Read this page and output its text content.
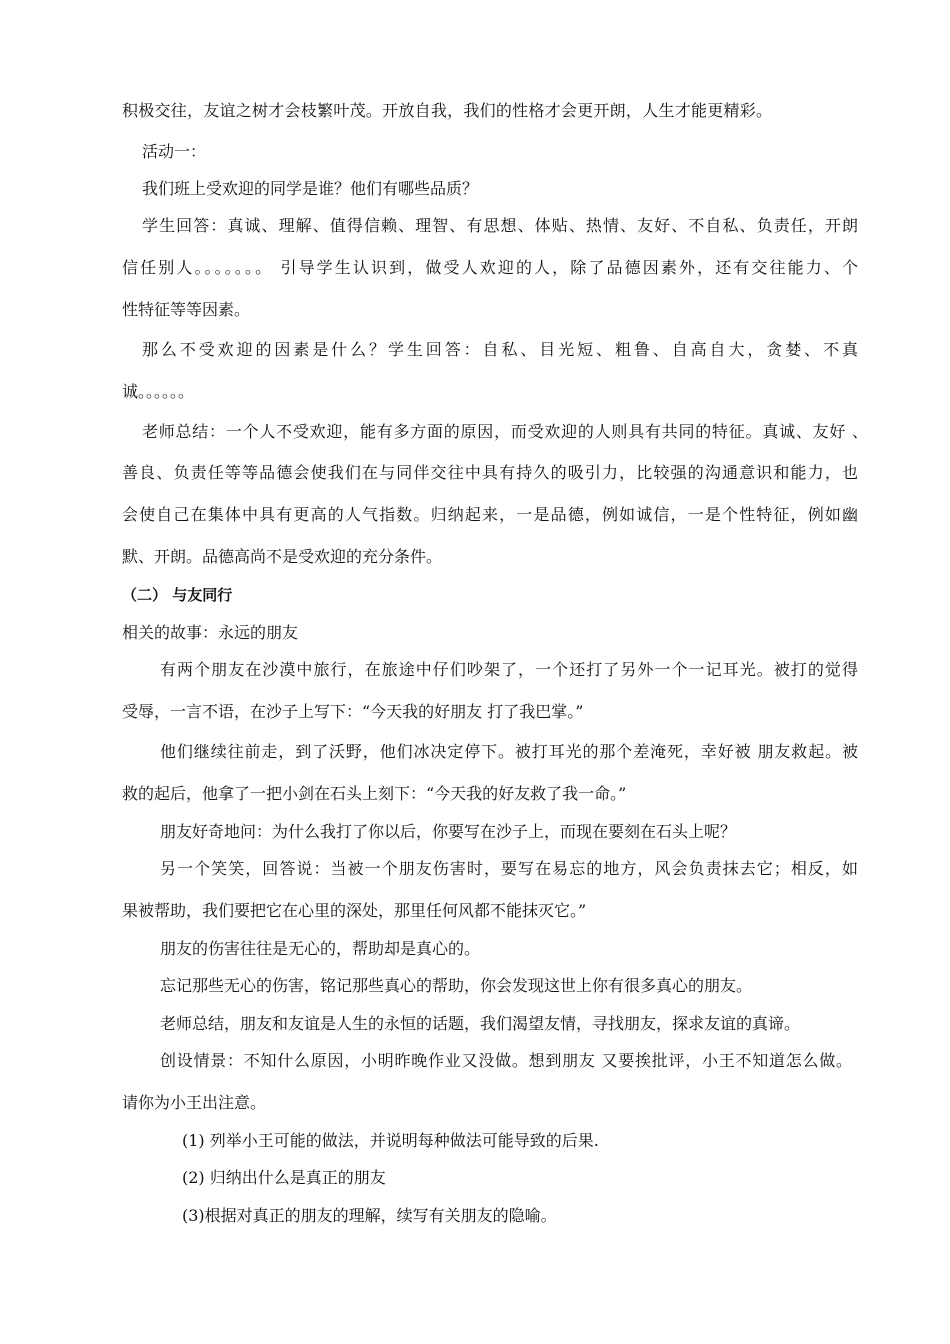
积极交往，友谊之树才会枝繁叶茂。开放自我，我们的性格才会更开朗，人生才能更精彩。
活动一：
我们班上受欢迎的同学是谁？他们有哪些品质？
学生回答：真诚、理解、值得信赖、理智、有思想、体贴、热情、友好、不自私、负责任，开朗
信任别人。。。。。。。 引导学生认识到，做受人欢迎的人，除了品德因素外，还有交往能力、个
性特征等等因素。
那么不受欢迎的因素是什么？学生回答：自私、目光短、粗鲁、自高自大，贪婪、不真
诚。。。。。。
老师总结：一个人不受欢迎，能有多方面的原因，而受欢迎的人则具有共同的特征。真诚、友好 、
善良、负责任等等品德会使我们在与同伴交往中具有持久的吸引力，比较强的沟通意识和能力，也
会使自己在集体中具有更高的人气指数。归纳起来，一是品德，例如诚信，一是个性特征，例如幽
默、开朗。品德高尚不是受欢迎的充分条件。
（二） 与友同行
相关的故事：永远的朋友
有两个朋友在沙漠中旅行，在旅途中仔们吵架了，一个还打了另外一个一记耳光。被打的觉得
受辱，一言不语，在沙子上写下：“今天我的好朋友 打了我巴掌。”
他们继续往前走，到了沃野，他们冰决定停下。被打耳光的那个差淹死，幸好被 朋友救起。被
救的起后，他拿了一把小剑在石头上刻下：“今天我的好友救了我一命。”
朋友好奇地问：为什么我打了你以后，你要写在沙子上，而现在要刻在石头上呢？
另一个笑笑，回答说：当被一个朋友伤害时，要写在易忘的地方，风会负责抹去它；相反，如
果被帮助，我们要把它在心里的深处，那里任何风都不能抹灭它。”
朋友的伤害往往是无心的，帮助却是真心的。
忘记那些无心的伤害，铭记那些真心的帮助，你会发现这世上你有很多真心的朋友。
老师总结，朋友和友谊是人生的永恒的话题，我们渴望友情，寻找朋友，探求友谊的真谛。
创设情景：不知什么原因，小明昨晚作业又没做。想到朋友 又要挨批评，小王不知道怎么做。
请你为小王出注意。
(1) 列举小王可能的做法，并说明每种做法可能导致的后果.
(2) 归纳出什么是真正的朋友
(3)根据对真正的朋友的理解，续写有关朋友的隐喻。
